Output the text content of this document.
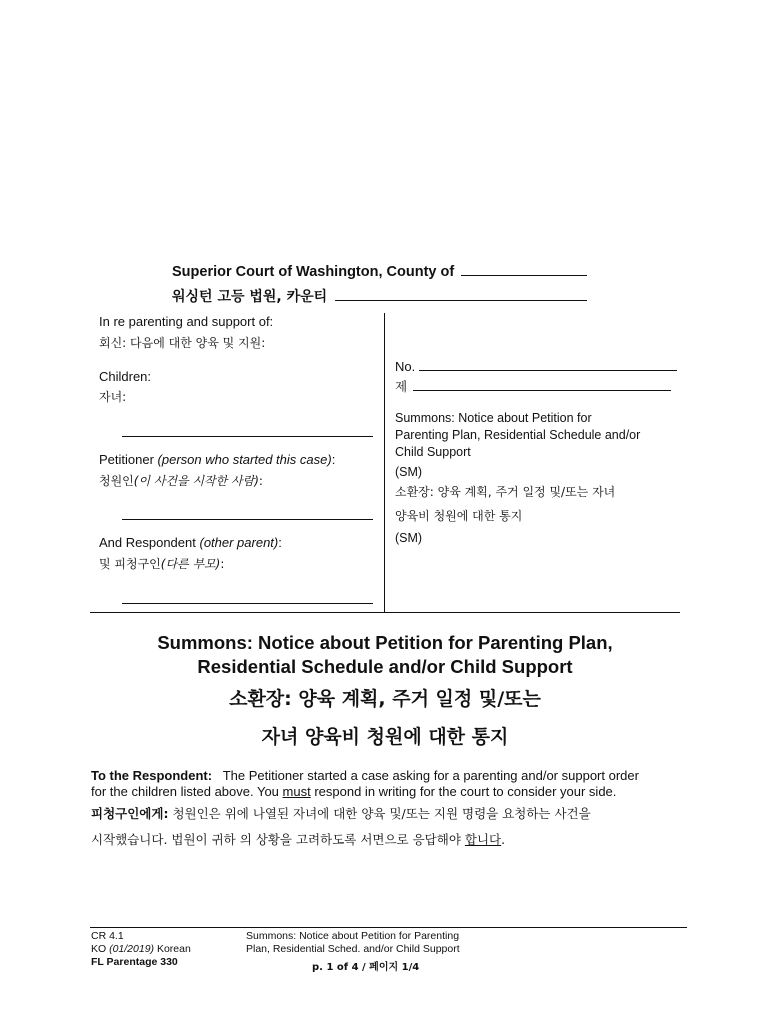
Superior Court of Washington, County of
워싱턴 고등 법원, 카운티
In re parenting and support of:
회신: 다음에 대한 양육 및 지원:
Children:
자녀:
Petitioner (person who started this case):
청원인(이 사건을 시작한 사람):
And Respondent (other parent):
및 피청구인(다른 부모):
No.
제
Summons: Notice about Petition for
Parenting Plan, Residential Schedule and/or
Child Support
(SM)
소환장: 양육 계획, 주거 일정 및/또는 자녀
양육비 청원에 대한 통지
(SM)
Summons: Notice about Petition for Parenting Plan,
Residential Schedule and/or Child Support
소환장: 양육 계획, 주거 일정 및/또는
자녀 양육비 청원에 대한 통지
To the Respondent: The Petitioner started a case asking for a parenting and/or support order
for the children listed above. You must respond in writing for the court to consider your side.
피청구인에게: 청원인은 위에 나열된 자녀에 대한 양육 및/또는 지원 명령을 요청하는 사건을
시작했습니다. 법원이 귀하 의 상황을 고려하도록 서면으로 응답해야 합니다.
CR 4.1
KO (01/2019) Korean
FL Parentage 330
Summons: Notice about Petition for Parenting
Plan, Residential Sched. and/or Child Support
p. 1 of 4 / 페이지 1/4
